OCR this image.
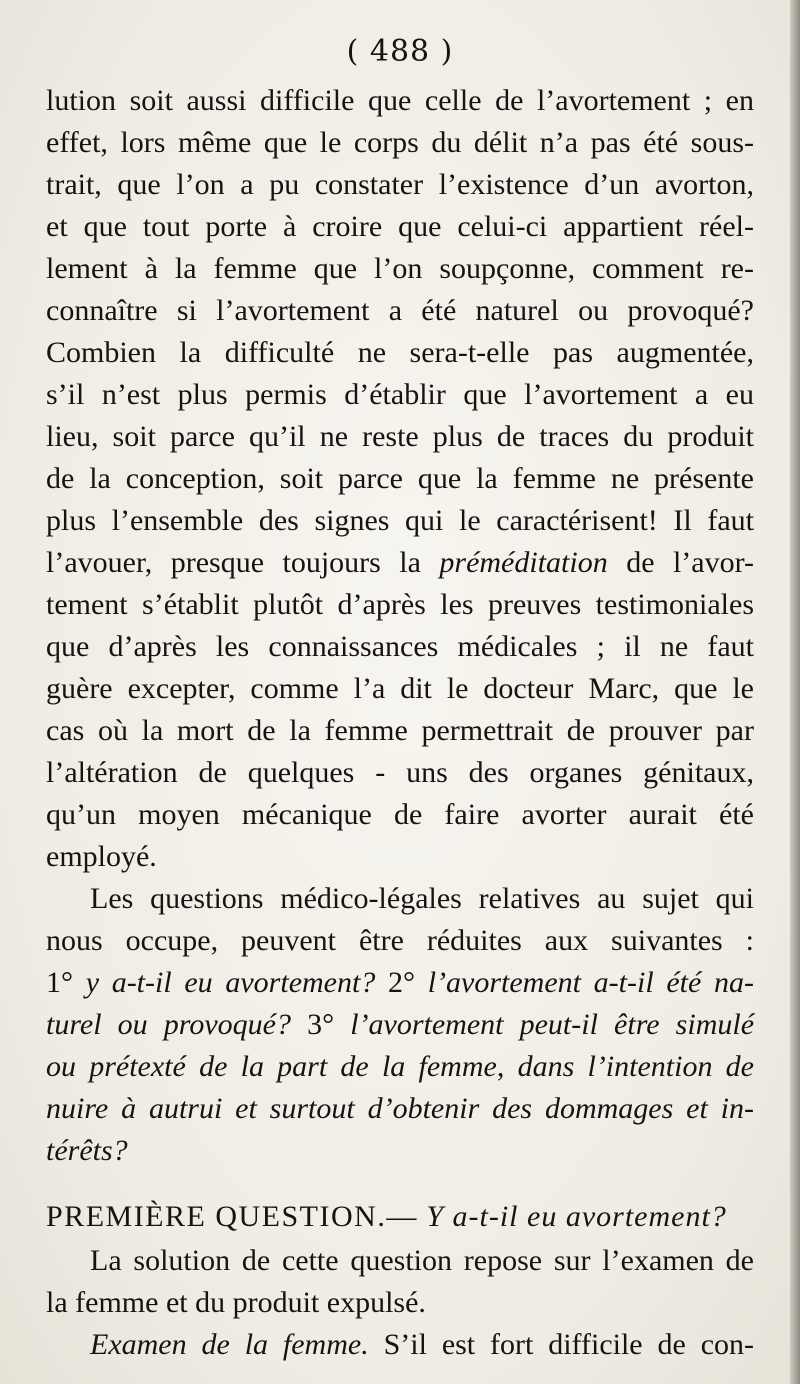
( 488 )
lution soit aussi difficile que celle de l’avortement ; en
effet, lors même que le corps du délit n’a pas été sous-
trait, que l’on a pu constater l’existence d’un avorton,
et que tout porte à croire que celui-ci appartient réel-
lement à la femme que l’on soupçonne, comment re-
connaître si l’avortement a été naturel ou provoqué?
Combien la difficulté ne sera-t-elle pas augmentée,
s’il n’est plus permis d’établir que l’avortement a eu
lieu, soit parce qu’il ne reste plus de traces du produit
de la conception, soit parce que la femme ne présente
plus l’ensemble des signes qui le caractérisent! Il faut
l’avouer, presque toujours la préméditation de l’avor-
tement s’établit plutôt d’après les preuves testimoniales
que d’après les connaissances médicales ; il ne faut
guère excepter, comme l’a dit le docteur Marc, que le
cas où la mort de la femme permettrait de prouver par
l’altération de quelques - uns des organes génitaux,
qu’un moyen mécanique de faire avorter aurait été
employé.
Les questions médico-légales relatives au sujet qui
nous occupe, peuvent être réduites aux suivantes :
1° y a-t-il eu avortement? 2° l’avortement a-t-il été na-
turel ou provoqué? 3° l’avortement peut-il être simulé
ou prétexté de la part de la femme, dans l’intention de
nuire à autrui et surtout d’obtenir des dommages et in-
térêts?
PREMIÈRE QUESTION.— Y a-t-il eu avortement?
La solution de cette question repose sur l’examen de
la femme et du produit expulsé.
Examen de la femme. S’il est fort difficile de con-
